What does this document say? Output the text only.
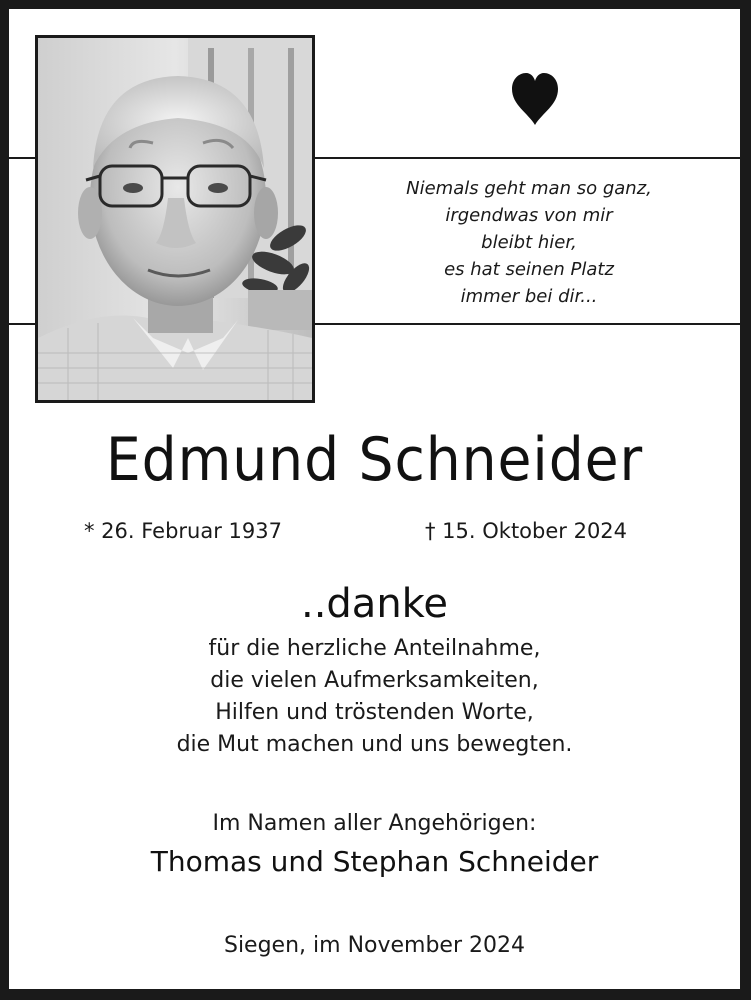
Niemals geht man so ganz,
irgendwas von mir
bleibt hier,
es hat seinen Platz
immer bei dir...
Edmund Schneider
* 26. Februar 1937	† 15. Oktober 2024
..danke
für die herzliche Anteilnahme,
die vielen Aufmerksamkeiten,
Hilfen und tröstenden Worte,
die Mut machen und uns bewegten.
Im Namen aller Angehörigen:
Thomas und Stephan Schneider
Siegen, im November 2024
